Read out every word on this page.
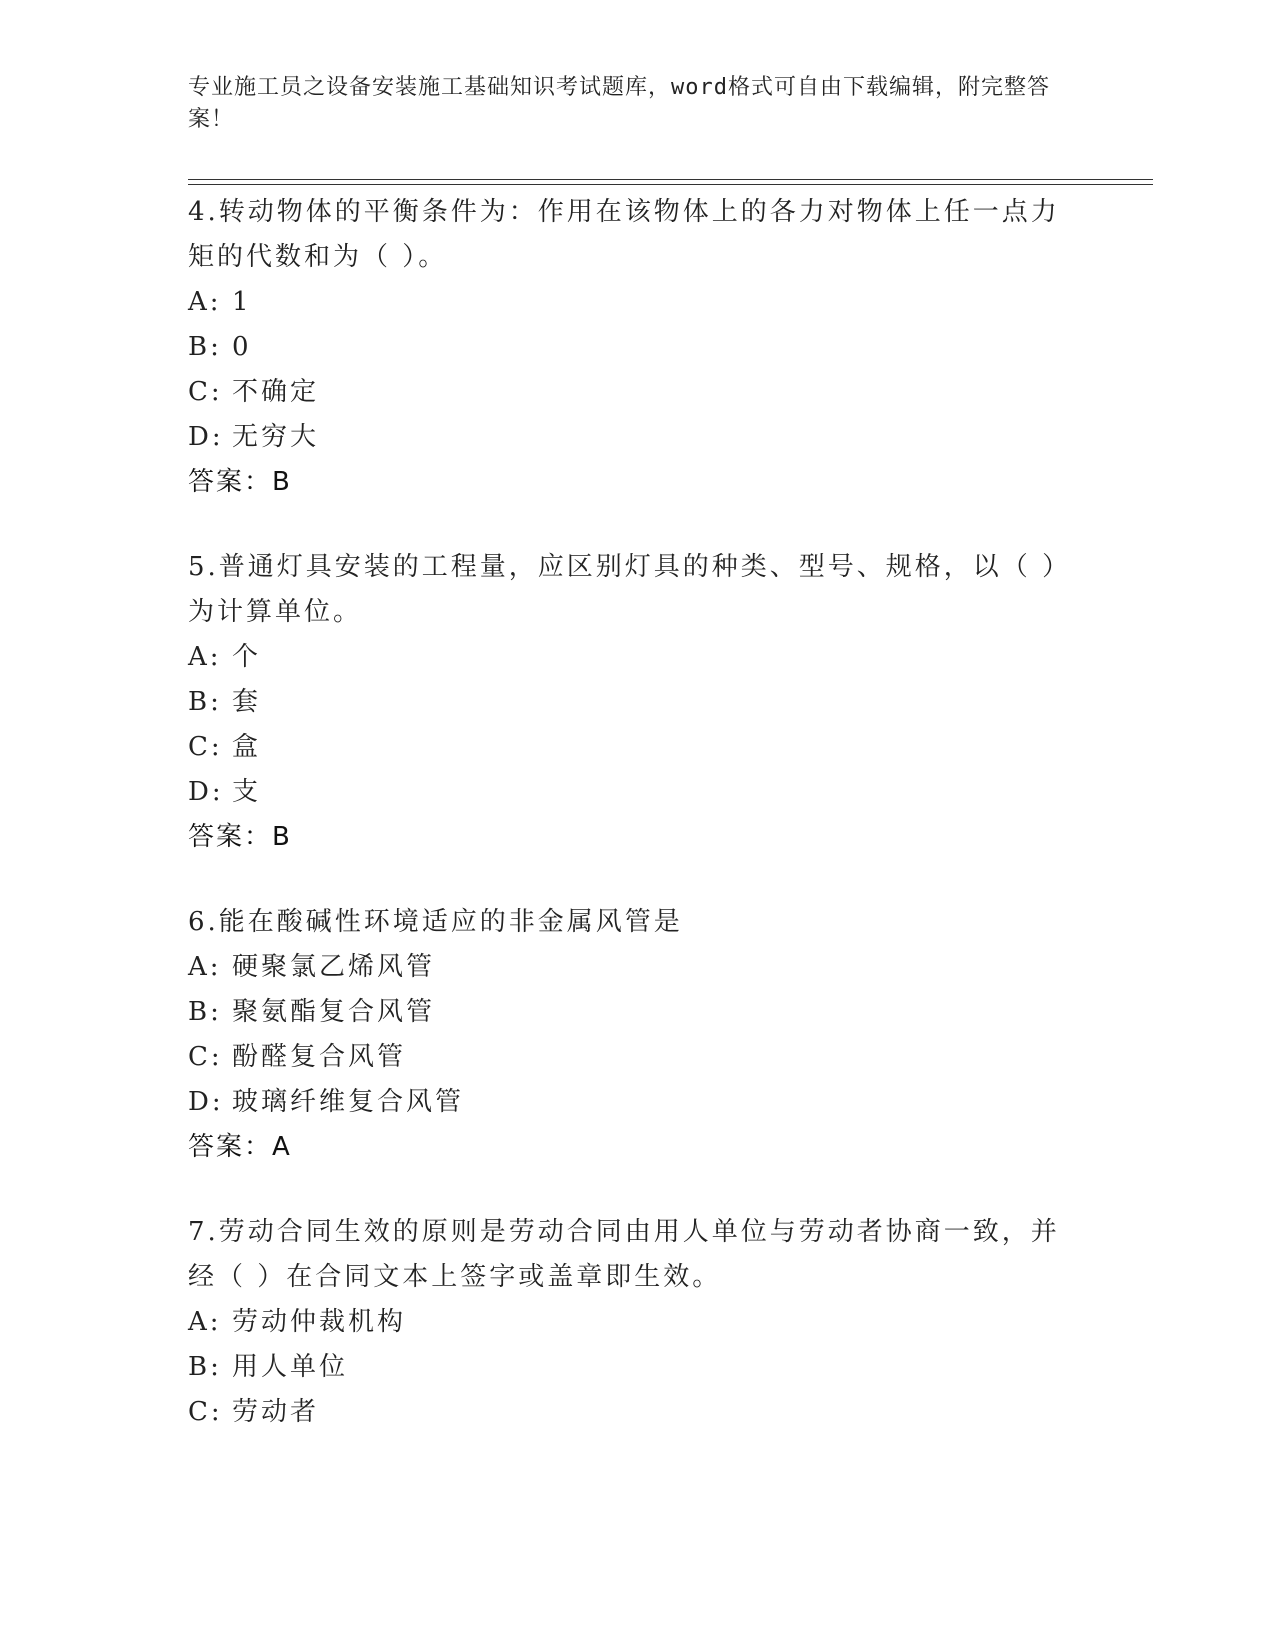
专业施工员之设备安装施工基础知识考试题库，word格式可自由下载编辑，附完整答案！
4.转动物体的平衡条件为：作用在该物体上的各力对物体上任一点力矩的代数和为（ ）。
A: 1
B: 0
C: 不确定
D: 无穷大
答案：B
5.普通灯具安装的工程量，应区别灯具的种类、型号、规格，以（ ）为计算单位。
A: 个
B: 套
C: 盒
D: 支
答案：B
6.能在酸碱性环境适应的非金属风管是
A: 硬聚氯乙烯风管
B: 聚氨酯复合风管
C: 酚醛复合风管
D: 玻璃纤维复合风管
答案：A
7.劳动合同生效的原则是劳动合同由用人单位与劳动者协商一致，并经（ ）在合同文本上签字或盖章即生效。
A: 劳动仲裁机构
B: 用人单位
C: 劳动者
